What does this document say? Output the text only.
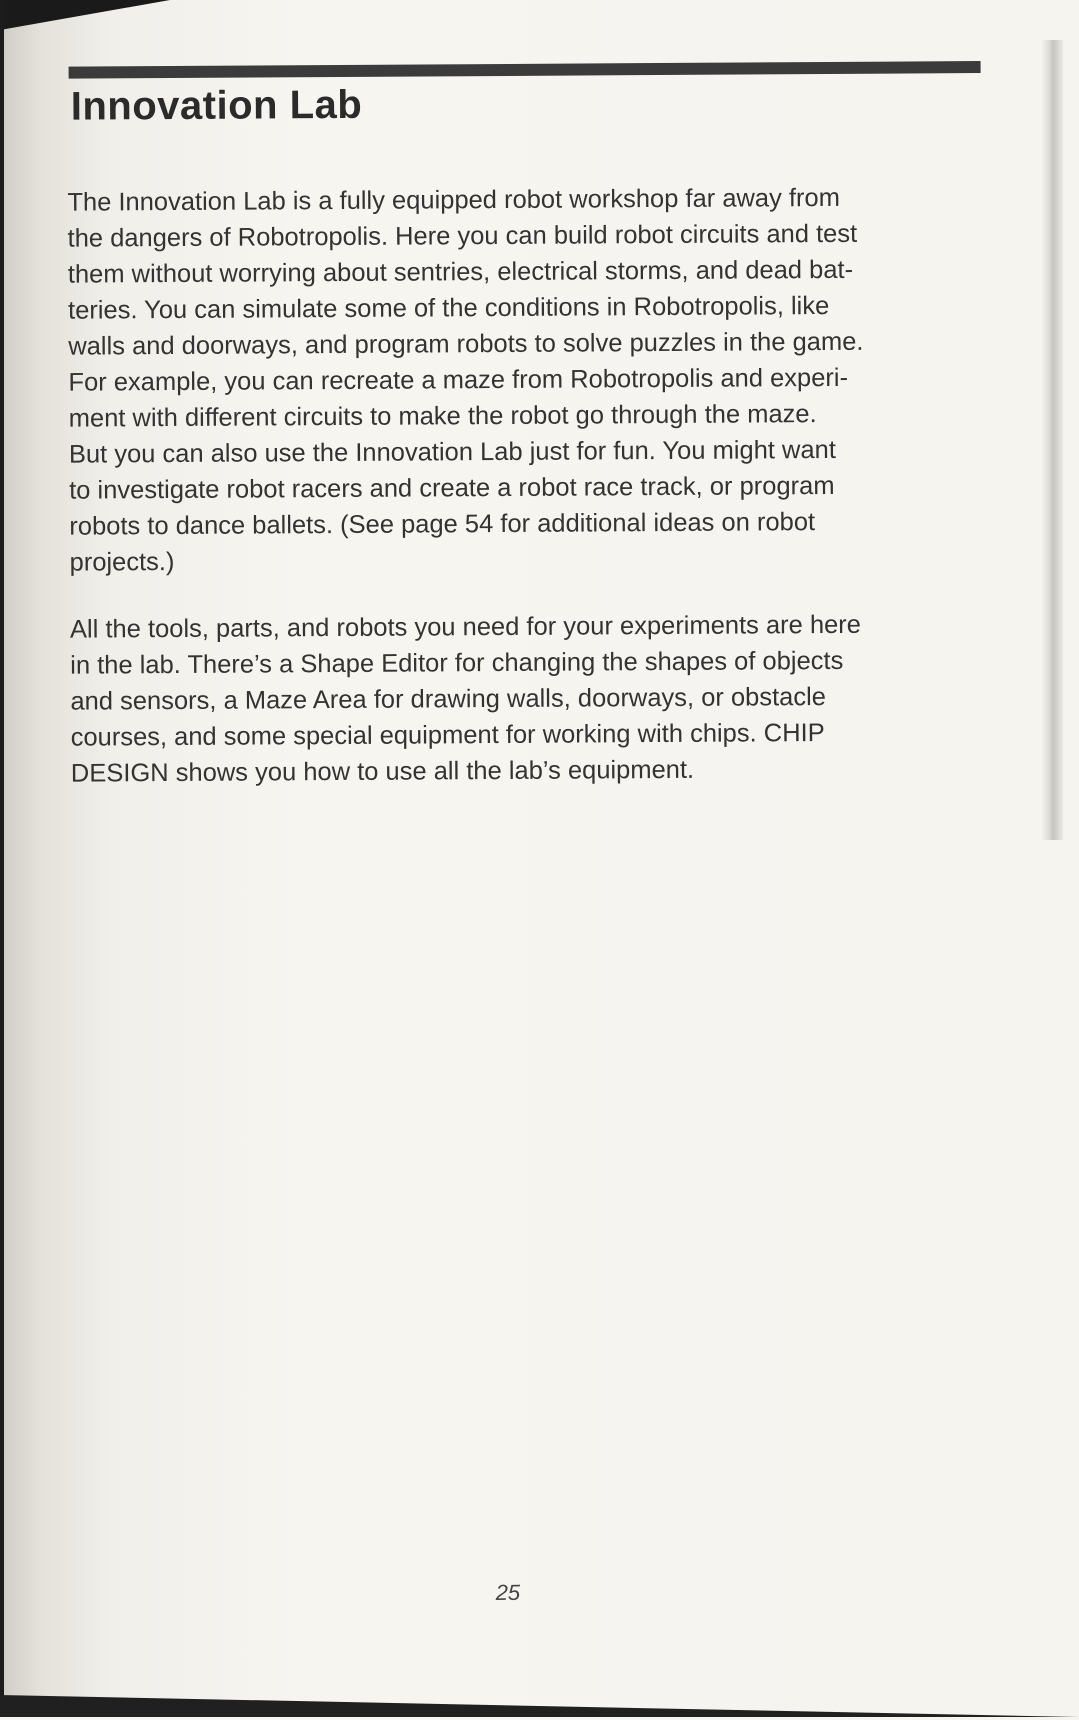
Innovation Lab

The Innovation Lab is a fully equipped robot workshop far away from
the dangers of Robotropolis. Here you can build robot circuits and test
them without worrying about sentries, electrical storms, and dead bat-
teries. You can simulate some of the conditions in Robotropolis, like
walls and doorways, and program robots to solve puzzles in the game.
For example, you can recreate a maze from Robotropolis and experi-
ment with different circuits to make the robot go through the maze.
But you can also use the Innovation Lab just for fun. You might want
to investigate robot racers and create a robot race track, or program
robots to dance ballets. (See page 54 for additional ideas on robot
projects.)

All the tools, parts, and robots you need for your experiments are here
in the lab. There’s a Shape Editor for changing the shapes of objects
and sensors, a Maze Area for drawing walls, doorways, or obstacle
courses, and some special equipment for working with chips. CHIP
DESIGN shows you how to use all the lab’s equipment.

25
